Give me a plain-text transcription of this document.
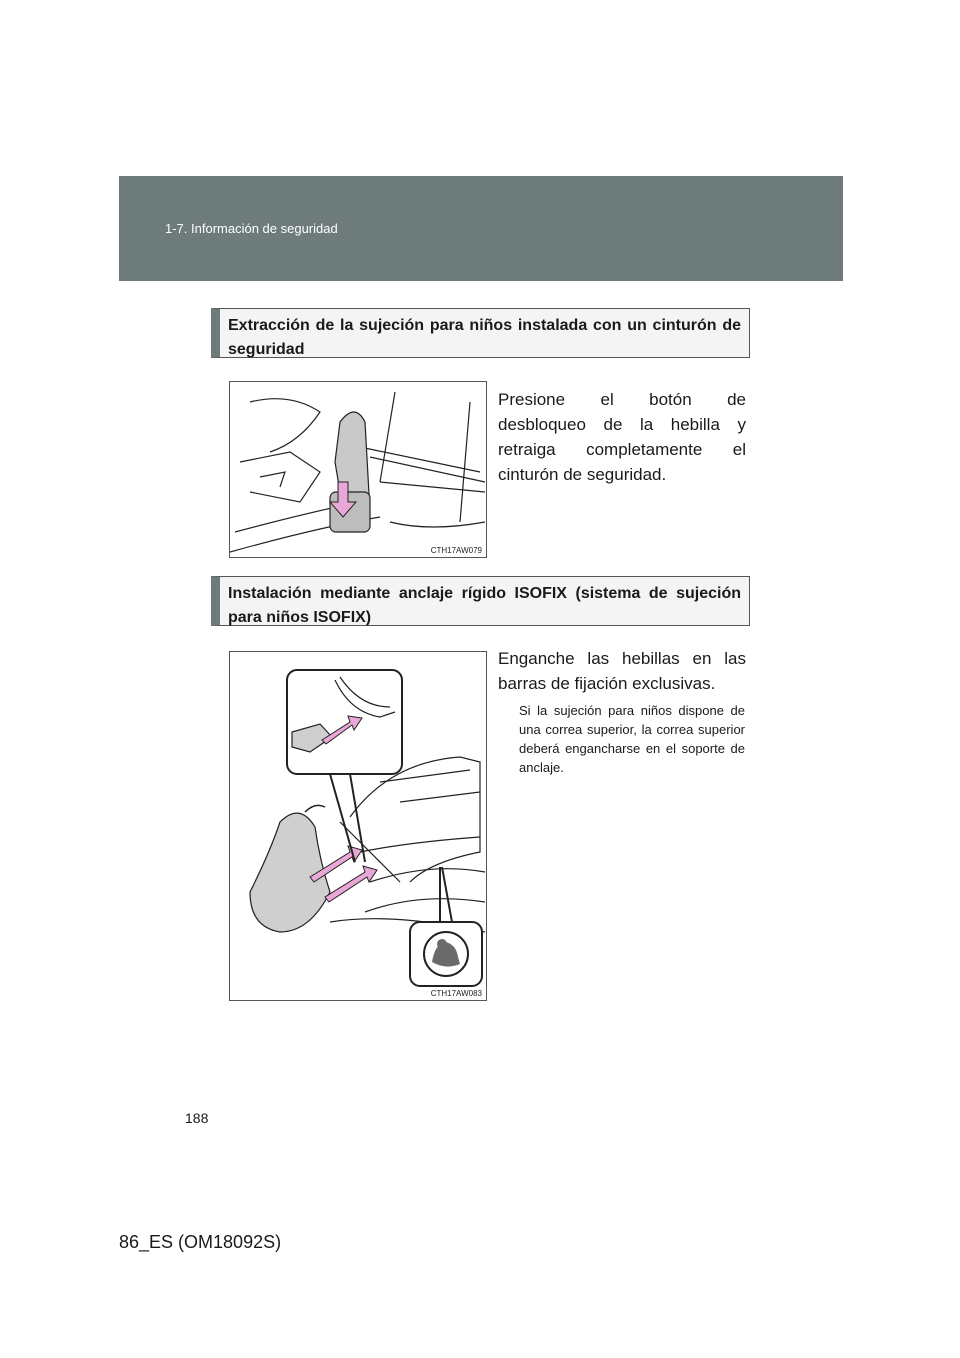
1-7. Información de seguridad
Extracción de la sujeción para niños instalada con un cinturón de seguridad
CTH17AW079

Presione el botón de desbloqueo de la hebilla y retraiga completamente el cinturón de seguridad.

Instalación mediante anclaje rígido ISOFIX (sistema de sujeción para niños ISOFIX)
CTH17AW083

Enganche las hebillas en las barras de fijación exclusivas.

Si la sujeción para niños dispone de una correa superior, la correa superior deberá engancharse en el soporte de anclaje.

188
86_ES (OM18092S)
